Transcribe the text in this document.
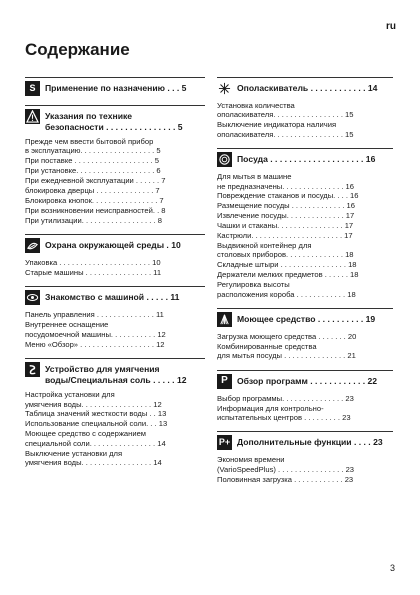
ru
Содержание
S Применение по назначению . . . 5
Указания по технике
безопасности . . . . . . . . . . . . . . . 5
Прежде чем ввести бытовой прибор
в эксплуатацию. . . . . . . . . . . . . . . . . . 5
При поставке . . . . . . . . . . . . . . . . . . . 5
При установке. . . . . . . . . . . . . . . . . . . 6
При ежедневной эксплуатации . . . . . . 7
блокировка дверцы . . . . . . . . . . . . . . 7
Блокировка кнопок. . . . . . . . . . . . . . . . 7
При возникновении неисправностей. . 8
При утилизации. . . . . . . . . . . . . . . . . . 8
Охрана окружающей среды . 10
Упаковка . . . . . . . . . . . . . . . . . . . . . . 10
Старые машины . . . . . . . . . . . . . . . . 11
Знакомство с машиной . . . . . 11
Панель управления . . . . . . . . . . . . . . 11
Внутреннее оснащение
посудомоечной машины. . . . . . . . . . . 12
Меню «Обзор» . . . . . . . . . . . . . . . . . . 12
Устройство для умягчения
воды/Специальная соль . . . . . 12
Настройка установки для
умягчения воды. . . . . . . . . . . . . . . . . 12
Таблица значений жесткости воды . . 13
Использование специальной соли. . . 13
Моющее средство с содержанием
специальной соли. . . . . . . . . . . . . . . . 14
Выключение установки для
умягчения воды. . . . . . . . . . . . . . . . . 14
Ополаскиватель . . . . . . . . . . . . 14
Установка количества
ополаскивателя. . . . . . . . . . . . . . . . . 15
Выключение индикатора наличия
ополаскивателя. . . . . . . . . . . . . . . . . 15
Посуда . . . . . . . . . . . . . . . . . . . . 16
Для мытья в машине
не предназначены. . . . . . . . . . . . . . . 16
Повреждение стаканов и посуды. . . . 16
Размещение посуды . . . . . . . . . . . . . 16
Извлечение посуды. . . . . . . . . . . . . . 17
Чашки и стаканы. . . . . . . . . . . . . . . . 17
Кастрюли. . . . . . . . . . . . . . . . . . . . . . 17
Выдвижной контейнер для
столовых приборов. . . . . . . . . . . . . . 18
Складные штыри . . . . . . . . . . . . . . . . 18
Держатели мелких предметов . . . . . . 18
Регулировка высоты
расположения короба . . . . . . . . . . . . 18
Моющее средство . . . . . . . . . . 19
Загрузка моющего средства . . . . . . . 20
Комбинированные средства
для мытья посуды . . . . . . . . . . . . . . . 21
P Обзор программ . . . . . . . . . . . . 22
Выбор программы. . . . . . . . . . . . . . . 23
Информация для контрольно-
испытательных центров . . . . . . . . . 23
P+ Дополнительные функции . . . . 23
Экономия времени
(VarioSpeedPlus) . . . . . . . . . . . . . . . . 23
Половинная загрузка . . . . . . . . . . . . 23
3
